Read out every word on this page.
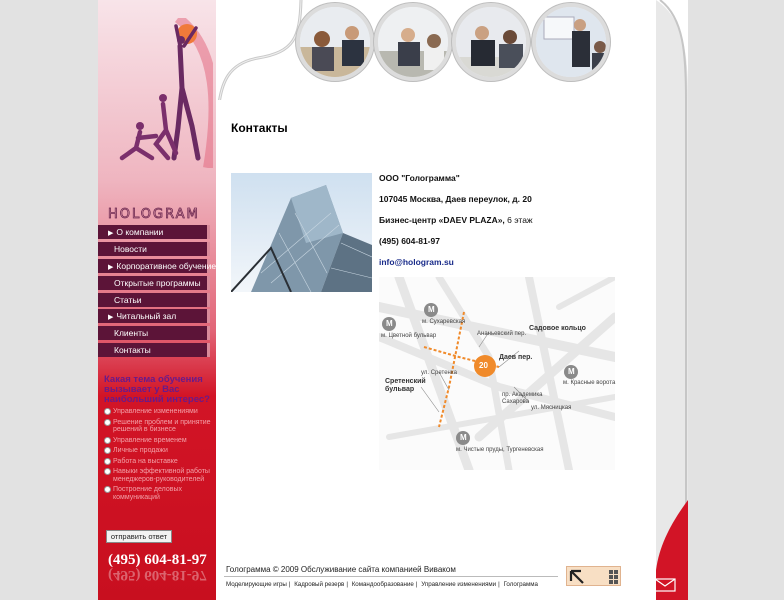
HOLOGRAM
▶ О компании
Новости
▶ Корпоративное обучение
Открытые программы
Статьи
▶ Читальный зал
Клиенты
Контакты
Какая тема обучения вызывает у Вас наибольший интерес?
Управление изменениями
Решение проблем и принятие решений в бизнесе
Управление временем
Личные продажи
Работа на выставке
Навыки эффективной работы менеджеров-руководителей
Построение деловых коммуникаций
отправить ответ
(495) 604-81-97
(495) 604-81-97
Контакты
ООО "Голограмма"
107045 Москва, Даев переулок, д. 20
Бизнес-центр «DAEV PLAZA», 6 этаж
(495) 604-81-97
info@hologram.su
M
M
M
M
20
м. Сухаревская
м. Цветной бульвар	Ананьевский пер.
Садовое кольцо
Даев пер.
ул. Сретенка
Сретенский бульвар
м. Красные ворота
пр. Академика Сахарова
ул. Мясницкая
м. Чистые пруды, Тургеневская
Голограмма © 2009 Обслуживание сайта компанией Виваком
Моделирующие игры | Кадровый резерв | Командообразование | Управление изменениями | Голограмма
